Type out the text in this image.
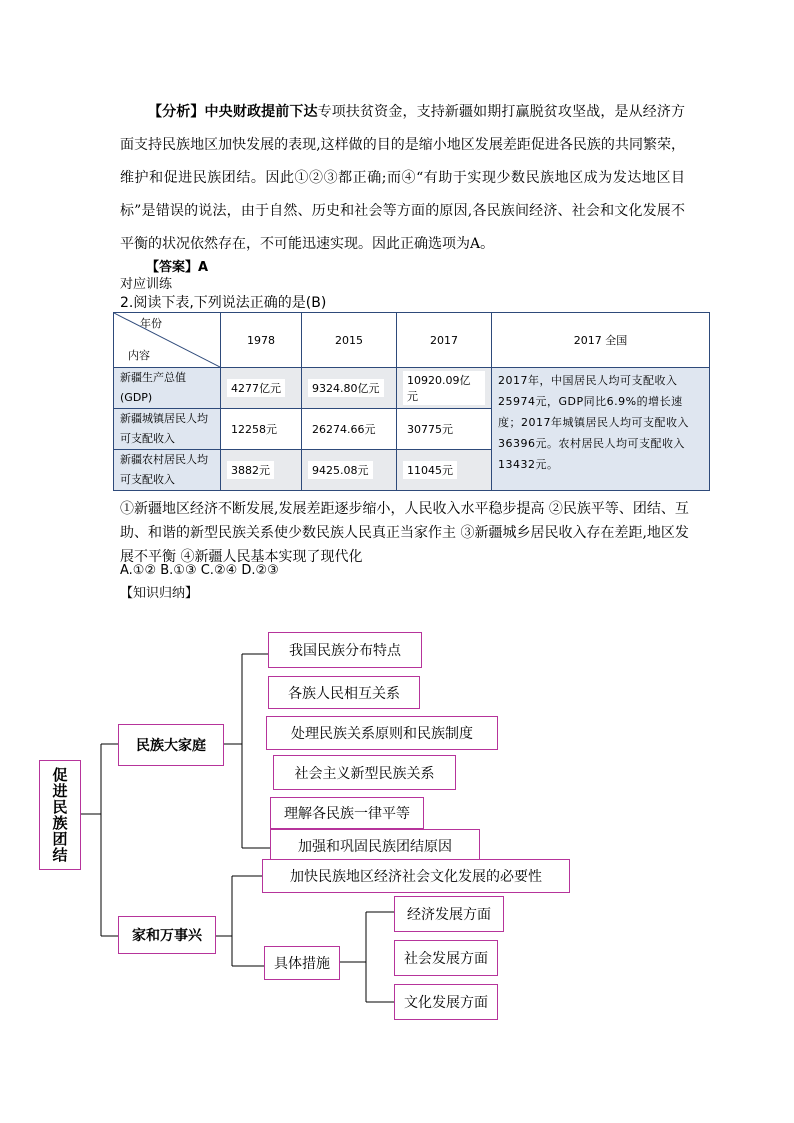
【分析】中央财政提前下达专项扶贫资金，支持新疆如期打赢脱贫攻坚战，是从经济方面支持民族地区加快发展的表现,这样做的目的是缩小地区发展差距促进各民族的共同繁荣，维护和促进民族团结。因此①②③都正确;而④“有助于实现少数民族地区成为发达地区目标”是错误的说法，由于自然、历史和社会等方面的原因,各民族间经济、社会和文化发展不平衡的状况依然存在，不可能迅速实现。因此正确选项为A。
【答案】A
对应训练
2.阅读下表,下列说法正确的是(B)
年份
内容	1978	2015	2017	2017 全国
新疆生产总值(GDP)	4277亿元	9324.80亿元	10920.09亿元	2017年，中国居民人均可支配收入25974元，GDP同比6.9%的增长速度；2017年城镇居民人均可支配收入36396元。农村居民人均可支配收入13432元。
新疆城镇居民人均可支配收入	12258元	26274.66元	30775元	
新疆农村居民人均可支配收入	3882元	9425.08元	11045元	
①新疆地区经济不断发展,发展差距逐步缩小，人民收入水平稳步提高 ②民族平等、团结、互助、和谐的新型民族关系使少数民族人民真正当家作主 ③新疆城乡居民收入存在差距,地区发展不平衡 ④新疆人民基本实现了现代化
A.①② B.①③ C.②④ D.②③
【知识归纳】
促进民族团结
民族大家庭
我国民族分布特点
各族人民相互关系
处理民族关系原则和民族制度
社会主义新型民族关系
理解各民族一律平等
加强和巩固民族团结原因
家和万事兴
加快民族地区经济社会文化发展的必要性
具体措施
经济发展方面
社会发展方面
文化发展方面
